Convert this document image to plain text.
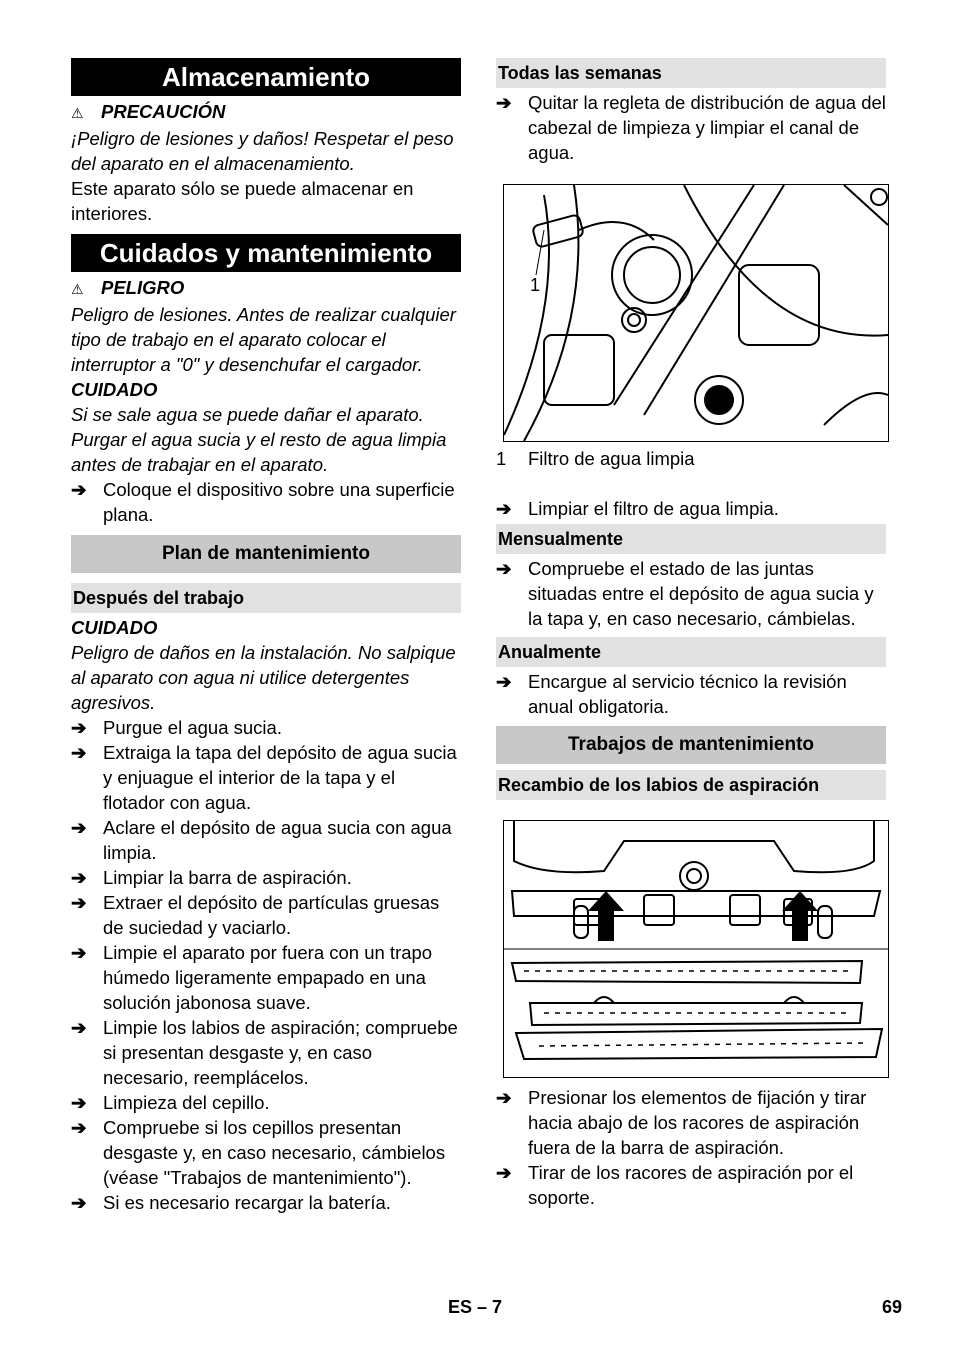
Almacenamiento
⚠ PRECAUCIÓN
¡Peligro de lesiones y daños! Respetar el peso del aparato en el almacenamiento.
Este aparato sólo se puede almacenar en interiores.
Cuidados y mantenimiento
⚠ PELIGRO
Peligro de lesiones. Antes de realizar cualquier tipo de trabajo en el aparato colocar el interruptor a "0" y desenchufar el cargador.
CUIDADO
Si se sale agua se puede dañar el aparato. Purgar el agua sucia y el resto de agua limpia antes de trabajar en el aparato.
➔ Coloque el dispositivo sobre una superficie plana.
Plan de mantenimiento
Después del trabajo
CUIDADO
Peligro de daños en la instalación. No salpique al aparato con agua ni utilice detergentes agresivos.
➔ Purgue el agua sucia.
➔ Extraiga la tapa del depósito de agua sucia y enjuague el interior de la tapa y el flotador con agua.
➔ Aclare el depósito de agua sucia con agua limpia.
➔ Limpiar la barra de aspiración.
➔ Extraer el depósito de partículas gruesas de suciedad y vaciarlo.
➔ Limpie el aparato por fuera con un trapo húmedo ligeramente empapado en una solución jabonosa suave.
➔ Limpie los labios de aspiración; compruebe si presentan desgaste y, en caso necesario, reemplácelos.
➔ Limpieza del cepillo.
➔ Compruebe si los cepillos presentan desgaste y, en caso necesario, cámbielos (véase "Trabajos de mantenimiento").
➔ Si es necesario recargar la batería.
Todas las semanas
➔ Quitar la regleta de distribución de agua del cabezal de limpieza y limpiar el canal de agua.
1
1 Filtro de agua limpia
➔ Limpiar el filtro de agua limpia.
Mensualmente
➔ Compruebe el estado de las juntas situadas entre el depósito de agua sucia y la tapa y, en caso necesario, cámbielas.
Anualmente
➔ Encargue al servicio técnico la revisión anual obligatoria.
Trabajos de mantenimiento
Recambio de los labios de aspiración
➔ Presionar los elementos de fijación y tirar hacia abajo de los racores de aspiración fuera de la barra de aspiración.
➔ Tirar de los racores de aspiración por el soporte.
ES – 7	69
